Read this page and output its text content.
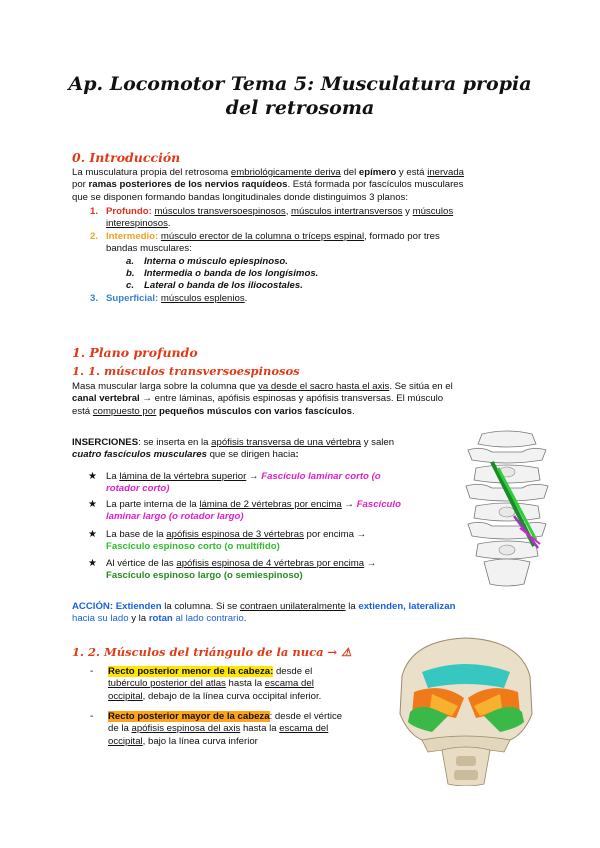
Ap. Locomotor Tema 5: Musculatura propia
del retrosoma
0. Introducción
La musculatura propia del retrosoma embriológicamente deriva del epímero y está inervada
por ramas posteriores de los nervios raquídeos. Está formada por fascículos musculares
que se disponen formando bandas longitudinales donde distinguimos 3 planos:
1. Profundo: músculos transversoespinosos, músculos intertransversos y músculos
interespinosos.
2. Intermedio: músculo erector de la columna o tríceps espinal, formado por tres
bandas musculares:
a. Interna o músculo epiespinoso.
b. Intermedia o banda de los longísimos.
c. Lateral o banda de los iliocostales.
3. Superficial: músculos esplenios.
1. Plano profundo
1. 1. músculos transversoespinosos
Masa muscular larga sobre la columna que va desde el sacro hasta el axis. Se sitúa en el
canal vertebral → entre láminas, apófisis espinosas y apófisis transversas. El músculo
está compuesto por pequeños músculos con varios fascículos.
INSERCIONES: se inserta en la apófisis transversa de una vértebra y salen
cuatro fascículos musculares que se dirigen hacia:
★ La lámina de la vértebra superior → Fascículo laminar corto (o
rotador corto)
★ La parte interna de la lámina de 2 vértebras por encima → Fascículo
laminar largo (o rotador largo)
★ La base de la apófisis espinosa de 3 vértebras por encima →
Fascículo espinoso corto (o multífido)
★ Al vértice de las apófisis espinosa de 4 vértebras por encima →
Fascículo espinoso largo (o semiespinoso)
ACCIÓN: Extienden la columna. Si se contraen unilateralmente la extienden, lateralizan
hacia su lado y la rotan al lado contrario.
1. 2. Músculos del triángulo de la nuca → ⚠
- Recto posterior menor de la cabeza: desde el
tubérculo posterior del atlas hasta la escama del
occipital, debajo de la línea curva occipital inferior.
- Recto posterior mayor de la cabeza: desde el vértice
de la apófisis espinosa del axis hasta la escama del
occipital, bajo la línea curva inferior
